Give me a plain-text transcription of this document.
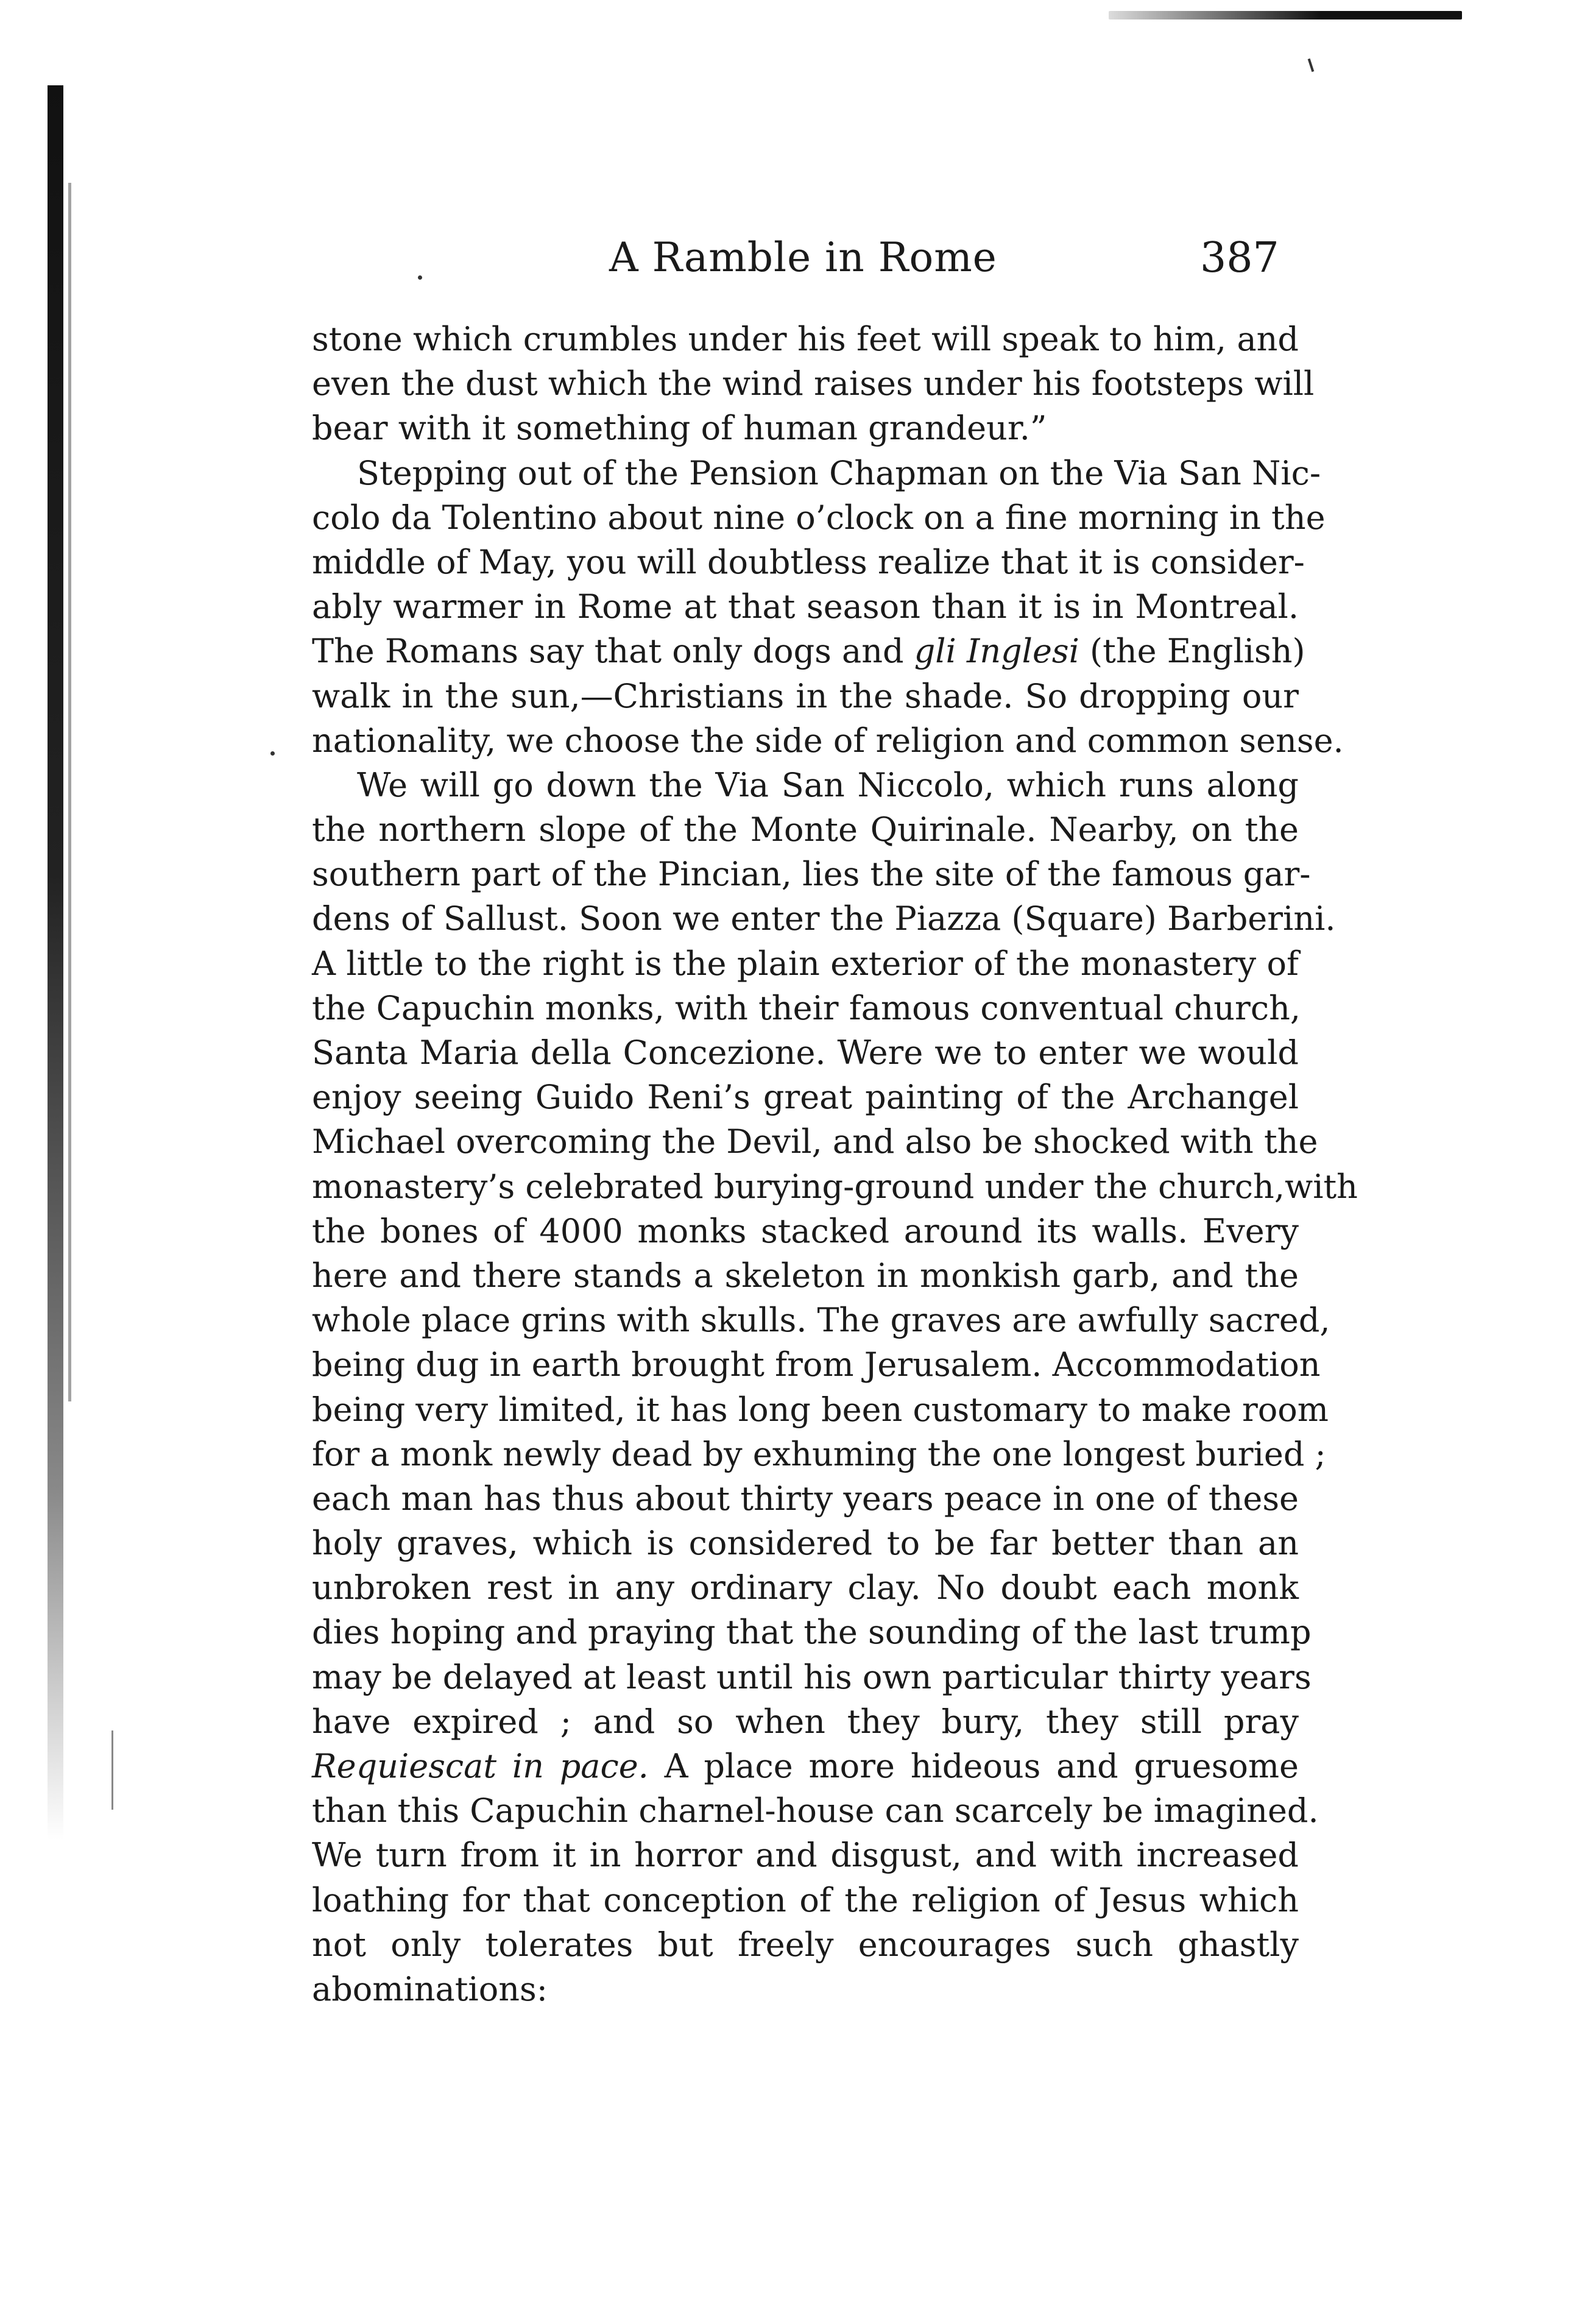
A Ramble in Rome	387
stone which crumbles under his feet will speak to him, and
even the dust which the wind raises under his footsteps will
bear with it something of human grandeur.”
Stepping out of the Pension Chapman on the Via San Nic-
colo da Tolentino about nine o’clock on a fine morning in the
middle of May, you will doubtless realize that it is consider-
ably warmer in Rome at that season than it is in Montreal.
The Romans say that only dogs and gli Inglesi (the English)
walk in the sun,—Christians in the shade. So dropping our
nationality, we choose the side of religion and common sense.
We will go down the Via San Niccolo, which runs along
the northern slope of the Monte Quirinale. Nearby, on the
southern part of the Pincian, lies the site of the famous gar-
dens of Sallust. Soon we enter the Piazza (Square) Barberini.
A little to the right is the plain exterior of the monastery of
the Capuchin monks, with their famous conventual church,
Santa Maria della Concezione. Were we to enter we would
enjoy seeing Guido Reni’s great painting of the Archangel
Michael overcoming the Devil, and also be shocked with the
monastery’s celebrated burying-ground under the church,with
the bones of 4000 monks stacked around its walls. Every
here and there stands a skeleton in monkish garb, and the
whole place grins with skulls. The graves are awfully sacred,
being dug in earth brought from Jerusalem. Accommodation
being very limited, it has long been customary to make room
for a monk newly dead by exhuming the one longest buried ;
each man has thus about thirty years peace in one of these
holy graves, which is considered to be far better than an
unbroken rest in any ordinary clay. No doubt each monk
dies hoping and praying that the sounding of the last trump
may be delayed at least until his own particular thirty years
have expired ; and so when they bury, they still pray
Requiescat in pace. A place more hideous and gruesome
than this Capuchin charnel-house can scarcely be imagined.
We turn from it in horror and disgust, and with increased
loathing for that conception of the religion of Jesus which
not only tolerates but freely encourages such ghastly
abominations:
